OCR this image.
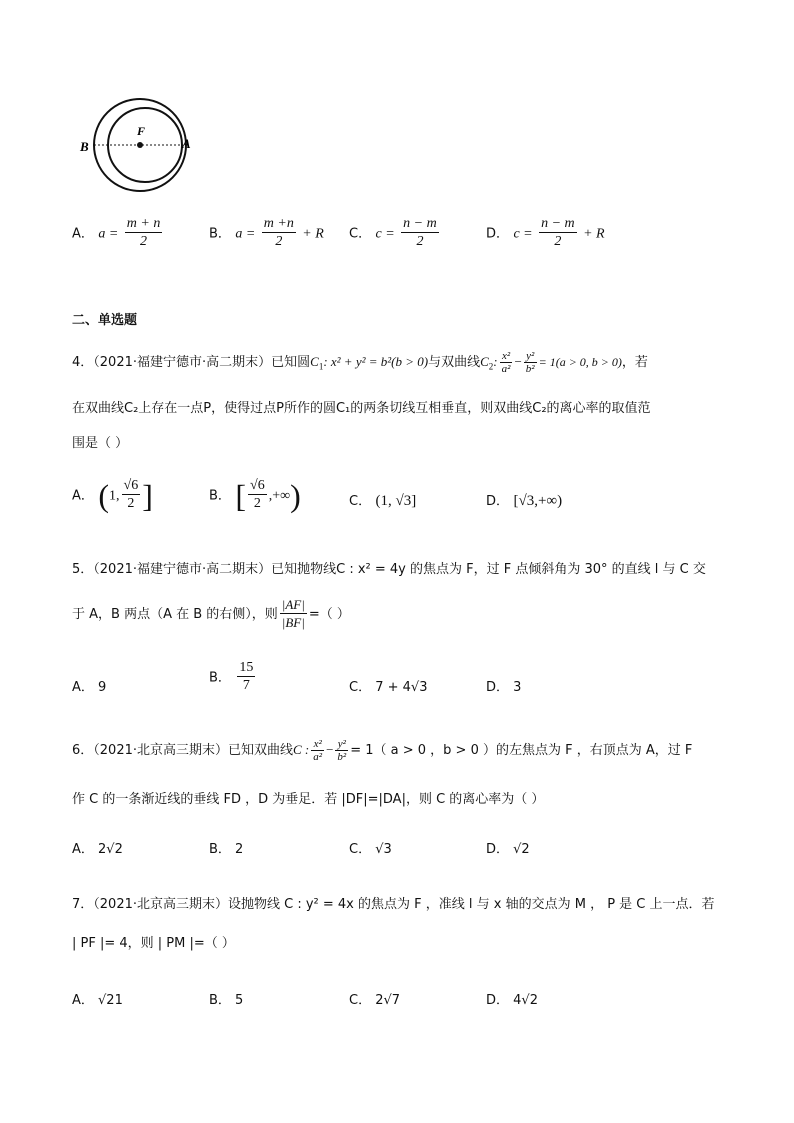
B
F
A
A． $a = \frac{m + n}{2}$	B． $a = \frac{m +n}{2} + R$ C． $c = \frac{n - m}{2}$	D． $c = \frac{n - m}{2} + R$
二、单选题
4．（2021·福建宁德市·高二期末）已知圆$C_1$: x² + y² = b²(b > 0)与双曲线$C_2$: $\frac{\text{x²}}{\text{a²}} - \frac{\text{y²}}{\text{b²}} = 1(a > 0$, b > 0)，若
在双曲线C₂上存在一点P，使得过点P所作的圆C₁的两条切线互相垂直，则双曲线C₂的离心率的取值范
围是（ ）
A． (1, $\frac{√6}{2}$ ]	B． [ $\frac{√6}{2}$ ,+∞)	C． (1, √3]	D． [√3,+∞)
5．（2021·福建宁德市·高二期末）已知抛物线C : x² = 4y 的焦点为 F，过 F 点倾斜角为 30° 的直线 l 与 C 交
于 A，B 两点（A 在 B 的右侧），则 $\frac{|AF|}{|BF|}$ =（ ）
A． 9
B． $\frac{15}{7}$	C． 7 + 4√3	D． 3
6．（2021·北京高三期末）已知双曲线C : $\frac{\text{x²}}{\text{a²}} - \frac{\text{y²}}{\text{b²}} = 1$（ a > 0 ，b > 0 ）的左焦点为 F ，右顶点为 A，过 F
作 C 的一条渐近线的垂线 FD ，D 为垂足．若 |DF|=|DA|，则 C 的离心率为（ ）
A． 2√2	B． 2	C． √3	D． √2
7．（2021·北京高三期末）设抛物线 C : y² = 4x 的焦点为 F ，准线 l 与 x 轴的交点为 M ， P 是 C 上一点．若
| PF |= 4，则 | PM |=（ ）
A． √21	B． 5	C． 2√7	D． 4√2
